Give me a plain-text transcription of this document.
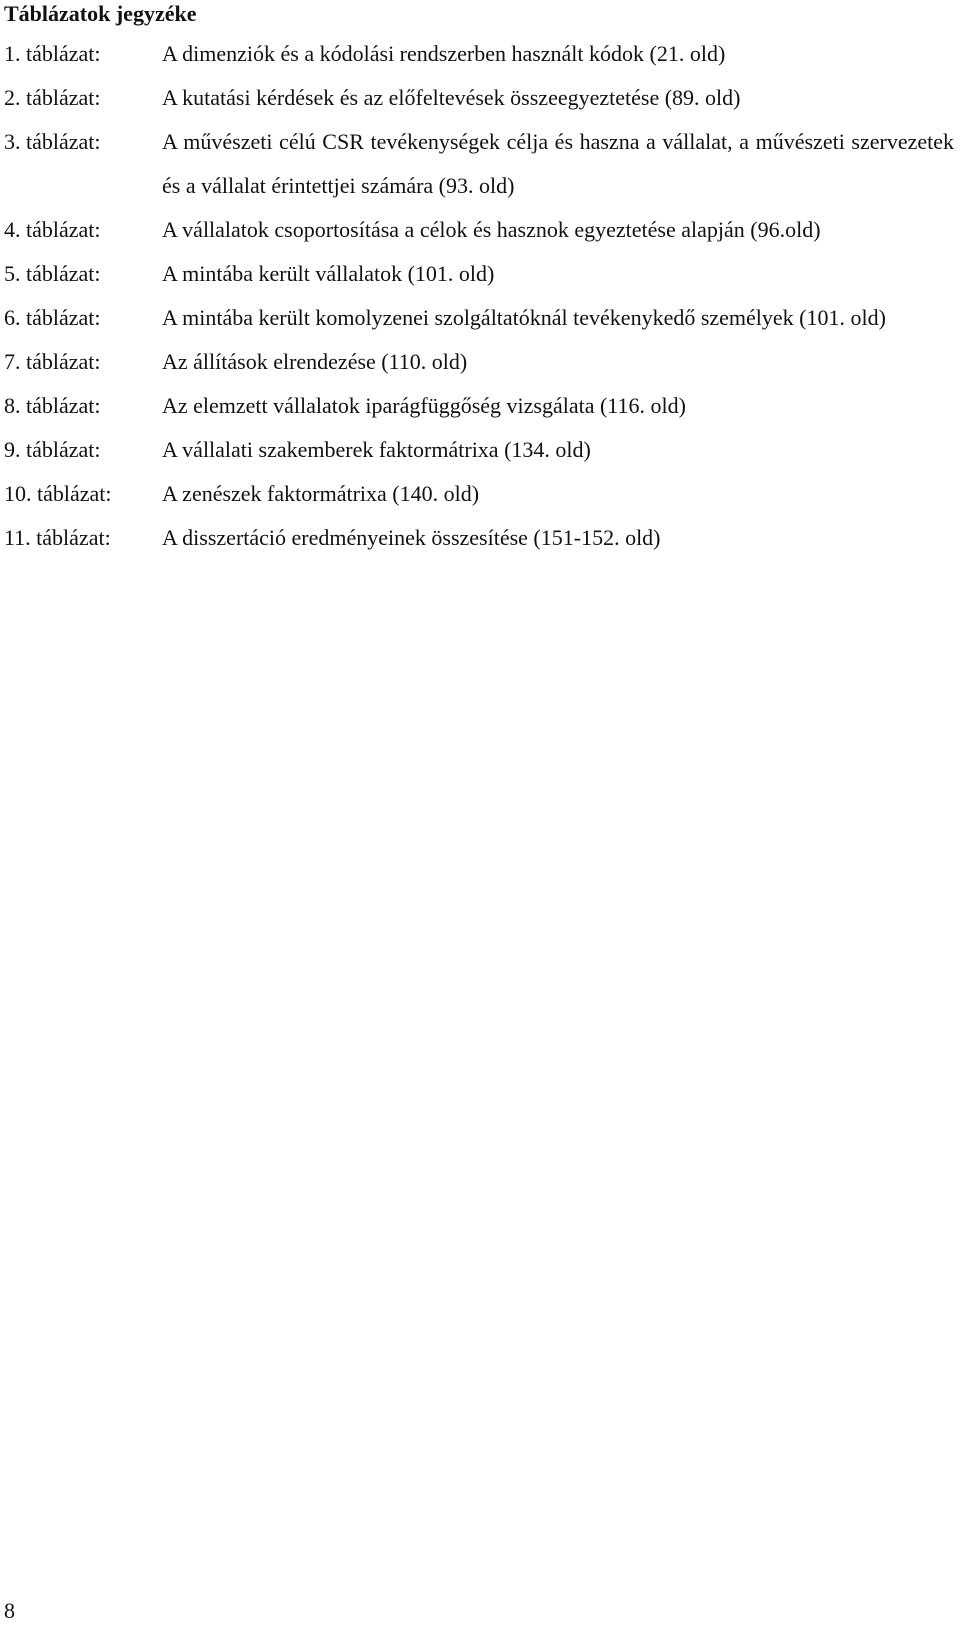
Táblázatok jegyzéke
1. táblázat:	A dimenziók és a kódolási rendszerben használt kódok (21. old)
2. táblázat:	A kutatási kérdések és az előfeltevések összeegyeztetése (89. old)
3. táblázat:	A művészeti célú CSR tevékenységek célja és haszna a vállalat, a művészeti szervezetek és a vállalat érintettjei számára (93. old)
4. táblázat:	A vállalatok csoportosítása a célok és hasznok egyeztetése alapján (96.old)
5. táblázat:	A mintába került vállalatok (101. old)
6. táblázat:	A mintába került komolyzenei szolgáltatóknál tevékenykedő személyek (101. old)
7. táblázat:	Az állítások elrendezése (110. old)
8. táblázat:	Az elemzett vállalatok iparágfüggőség vizsgálata (116. old)
9. táblázat:	A vállalati szakemberek faktormátrixa (134. old)
10. táblázat:	A zenészek faktormátrixa (140. old)
11. táblázat:	A disszertáció eredményeinek összesítése (151-152. old)
8
